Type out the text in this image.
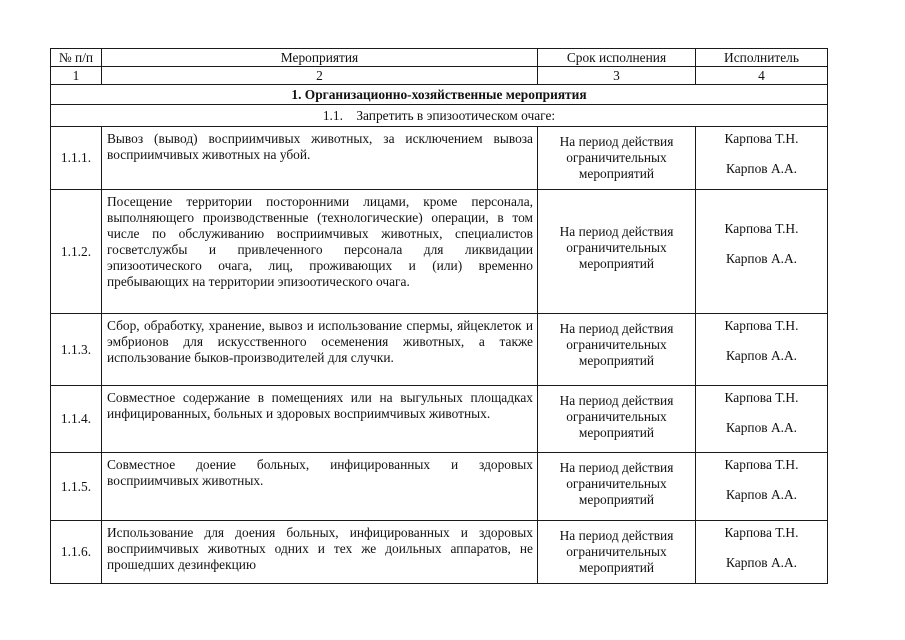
№ п/п	Мероприятия	Срок исполнения	Исполнитель
1	2	3	4
1. Организационно-хозяйственные мероприятия			
1.1. Запретить в эпизоотическом очаге:			
1.1.1.	Вывоз (вывод) восприимчивых животных, за исключением вывоза восприимчивых животных на убой.	На период действия ограничительных мероприятий	Карпова Т.Н.

Карпов А.А.

1.1.2.	Посещение территории посторонними лицами, кроме персонала, выполняющего производственные (технологические) операции, в том числе по обслуживанию восприимчивых животных, специалистов госветслужбы и привлеченного персонала для ликвидации эпизоотического очага, лиц, проживающих и (или) временно пребывающих на территории эпизоотического очага.	На период действия ограничительных мероприятий	Карпова Т.Н.

Карпов А.А.

1.1.3.	Сбор, обработку, хранение, вывоз и использование спермы, яйцеклеток и эмбрионов для искусственного осеменения животных, а также использование быков-производителей для случки.	На период действия ограничительных мероприятий	Карпова Т.Н.

Карпов А.А.

1.1.4.	Совместное содержание в помещениях или на выгульных площадках инфицированных, больных и здоровых восприимчивых животных.	На период действия ограничительных мероприятий	Карпова Т.Н.

Карпов А.А.

1.1.5.	Совместное доение больных, инфицированных и здоровых восприимчивых животных.	На период действия ограничительных мероприятий	Карпова Т.Н.

Карпов А.А.

1.1.6.	Использование для доения больных, инфицированных и здоровых восприимчивых животных одних и тех же доильных аппаратов, не прошедших дезинфекцию	На период действия ограничительных мероприятий	Карпова Т.Н.

Карпов А.А.
